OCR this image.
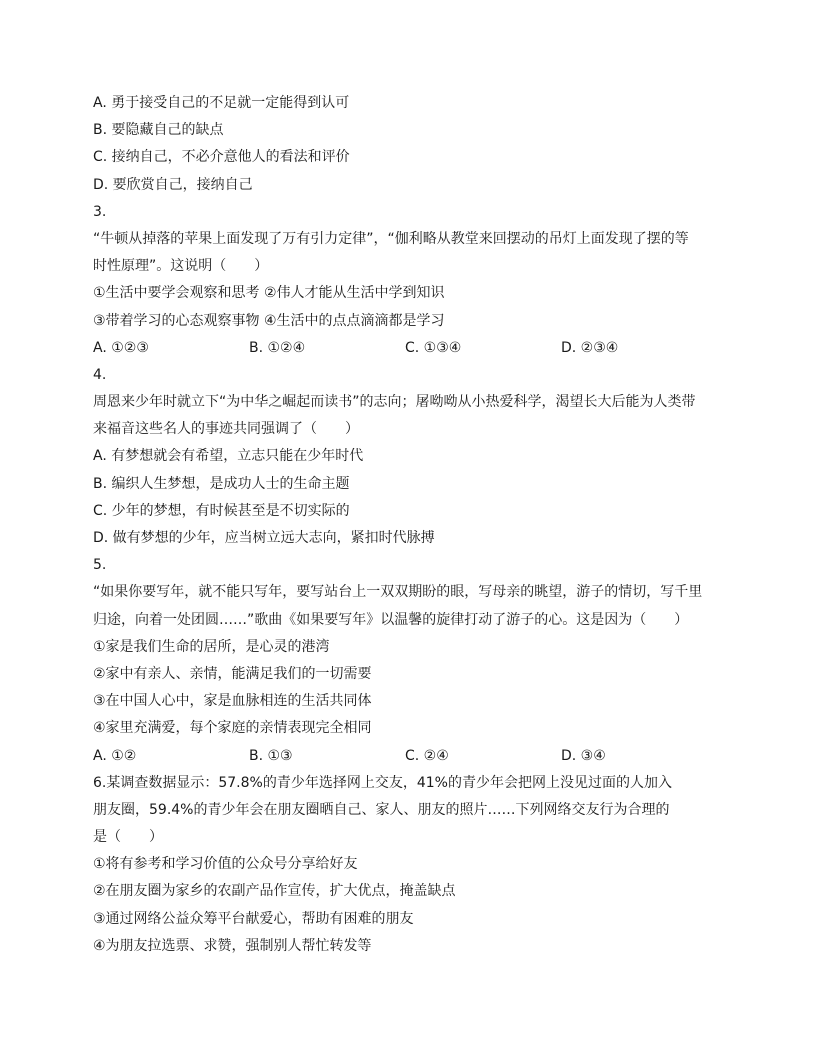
A. 勇于接受自己的不足就一定能得到认可
B. 要隐藏自己的缺点
C. 接纳自己，不必介意他人的看法和评价
D. 要欣赏自己，接纳自己
3.
“牛顿从掉落的苹果上面发现了万有引力定律”，“伽利略从教堂来回摆动的吊灯上面发现了摆的等
时性原理”。这说明（　　）
①生活中要学会观察和思考 ②伟人才能从生活中学到知识
③带着学习的心态观察事物 ④生活中的点点滴滴都是学习
A. ①②③	B. ①②④	C. ①③④	D. ②③④
4.
周恩来少年时就立下“为中华之崛起而读书”的志向；屠呦呦从小热爱科学，渴望长大后能为人类带
来福音这些名人的事迹共同强调了（　　）
A. 有梦想就会有希望，立志只能在少年时代
B. 编织人生梦想，是成功人士的生命主题
C. 少年的梦想，有时候甚至是不切实际的
D. 做有梦想的少年，应当树立远大志向，紧扣时代脉搏
5.
“如果你要写年，就不能只写年，要写站台上一双双期盼的眼，写母亲的眺望，游子的情切，写千里
归途，向着一处团圆……”歌曲《如果要写年》以温馨的旋律打动了游子的心。这是因为（　　）
①家是我们生命的居所，是心灵的港湾
②家中有亲人、亲情，能满足我们的一切需要
③在中国人心中，家是血脉相连的生活共同体
④家里充满爱，每个家庭的亲情表现完全相同
A. ①②	B. ①③	C. ②④	D. ③④
6.某调查数据显示：57.8%的青少年选择网上交友，41%的青少年会把网上没见过面的人加入
朋友圈，59.4%的青少年会在朋友圈晒自己、家人、朋友的照片……下列网络交友行为合理的
是（　　）
①将有参考和学习价值的公众号分享给好友
②在朋友圈为家乡的农副产品作宣传，扩大优点，掩盖缺点
③通过网络公益众筹平台献爱心，帮助有困难的朋友
④为朋友拉选票、求赞，强制别人帮忙转发等
